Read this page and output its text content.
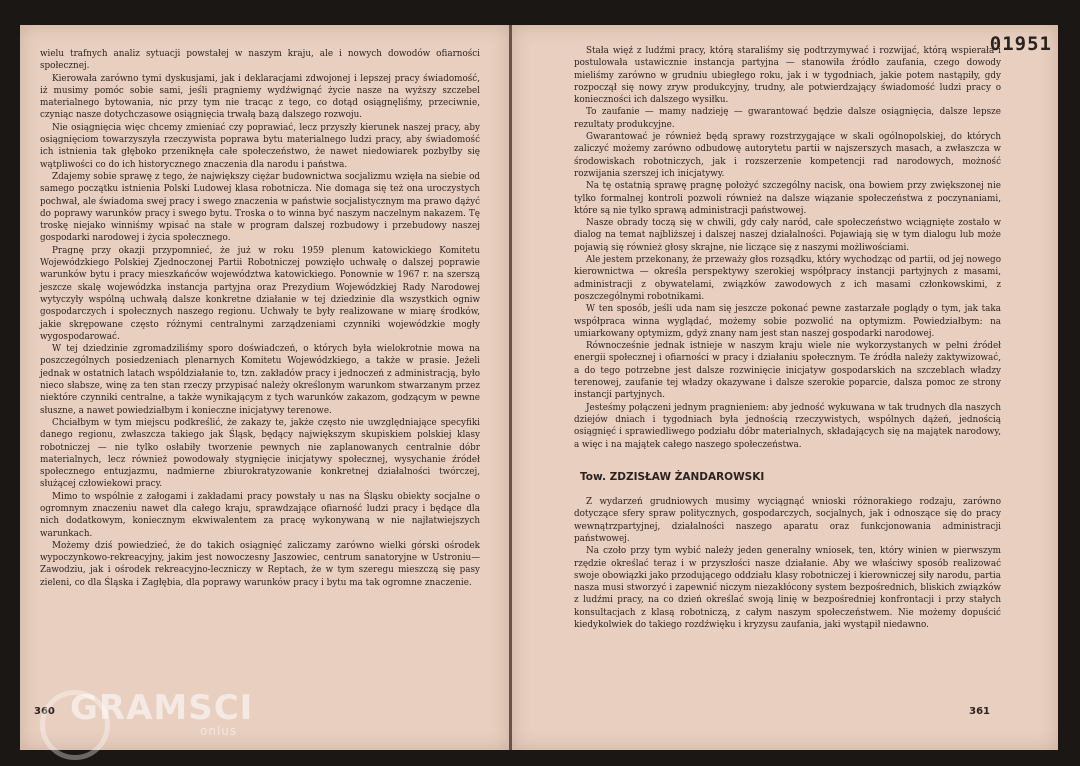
wielu trafnych analiz sytuacji powstałej w naszym kraju, ale i nowych dowodów ofiarności społecznej.

Kierowała zarówno tymi dyskusjami, jak i deklaracjami zdwojonej i lepszej pracy świadomość, iż musimy pomóc sobie sami, jeśli pragniemy wydźwignąć życie nasze na wyższy szczebel materialnego bytowania, nic przy tym nie tracąc z tego, co dotąd osiągnęliśmy, przeciwnie, czyniąc nasze dotychczasowe osiągnięcia trwałą bazą dalszego rozwoju.

Nie osiągnięcia więc chcemy zmieniać czy poprawiać, lecz przyszły kierunek naszej pracy, aby osiągnięciom towarzyszyła rzeczywista poprawa bytu materialnego ludzi pracy, aby świadomość ich istnienia tak głęboko przeniknęła całe społeczeństwo, że nawet niedowiarek pozbyłby się wątpliwości co do ich historycznego znaczenia dla narodu i państwa.

Zdajemy sobie sprawę z tego, że największy ciężar budownictwa socjalizmu wzięła na siebie od samego początku istnienia Polski Ludowej klasa robotnicza. Nie domaga się też ona uroczystych pochwał, ale świadoma swej pracy i swego znaczenia w państwie socjalistycznym ma prawo dążyć do poprawy warunków pracy i swego bytu. Troska o to winna być naszym naczelnym nakazem. Tę troskę niejako winniśmy wpisać na stałe w program dalszej rozbudowy i przebudowy naszej gospodarki narodowej i życia społecznego.

Pragnę przy okazji przypomnieć, że już w roku 1959 plenum katowickiego Komitetu Wojewódzkiego Polskiej Zjednoczonej Partii Robotniczej powzięło uchwałę o dalszej poprawie warunków bytu i pracy mieszkańców województwa katowickiego. Ponownie w 1967 r. na szerszą jeszcze skalę wojewódzka instancja partyjna oraz Prezydium Wojewódzkiej Rady Narodowej wytyczyły wspólną uchwałą dalsze konkretne działanie w tej dziedzinie dla wszystkich ogniw gospodarczych i społecznych naszego regionu. Uchwały te były realizowane w miarę środków, jakie skrępowane często różnymi centralnymi zarządzeniami czynniki wojewódzkie mogły wygospodarować.

W tej dziedzinie zgromadziliśmy sporo doświadczeń, o których była wielokrotnie mowa na poszczególnych posiedzeniach plenarnych Komitetu Wojewódzkiego, a także w prasie. Jeżeli jednak w ostatnich latach wspóldziałanie to, tzn. zakładów pracy i jednoczeń z administracją, było nieco słabsze, winę za ten stan rzeczy przypisać należy określonym warunkom stwarzanym przez niektóre czynniki centralne, a także wynikającym z tych warunków zakazom, godzącym w pewne słuszne, a nawet powiedziałbym i konieczne inicjatywy terenowe.

Chciałbym w tym miejscu podkreślić, że zakazy te, jakże często nie uwzględniające specyfiki danego regionu, zwłaszcza takiego jak Śląsk, będący największym skupiskiem polskiej klasy robotniczej — nie tylko osłabiły tworzenie pewnych nie zaplanowanych centralnie dóbr materialnych, lecz również powodowały stygnięcie inicjatywy społecznej, wysychanie źródeł społecznego entuzjazmu, nadmierne zbiurokratyzowanie konkretnej działalności twórczej, służącej człowiekowi pracy.

Mimo to wspólnie z załogami i zakładami pracy powstały u nas na Śląsku obiekty socjalne o ogromnym znaczeniu nawet dla całego kraju, sprawdzające ofiarność ludzi pracy i będące dla nich dodatkowym, koniecznym ekwiwalentem za pracę wykonywaną w nie najłatwiejszych warunkach.

Możemy dziś powiedzieć, że do takich osiągnięć zaliczamy zarówno wielki górski ośrodek wypoczynkowo-rekreacyjny, jakim jest nowoczesny Jaszowiec, centrum sanatoryjne w Ustroniu—Zawodziu, jak i ośrodek rekreacyjno-leczniczy w Reptach, że w tym szeregu mieszczą się pasy zieleni, co dla Śląska i Zagłębia, dla poprawy warunków pracy i bytu ma tak ogromne znaczenie.

360
01951

Stała więź z ludźmi pracy, którą staraliśmy się podtrzymywać i rozwijać, którą wspierała i postulowała ustawicznie instancja partyjna — stanowiła źródło zaufania, czego dowody mieliśmy zarówno w grudniu ubiegłego roku, jak i w tygodniach, jakie potem nastąpiły, gdy rozpoczął się nowy zryw produkcyjny, trudny, ale potwierdzający świadomość ludzi pracy o konieczności ich dalszego wysiłku.

To zaufanie — mamy nadzieję — gwarantować będzie dalsze osiągnięcia, dalsze lepsze rezultaty produkcyjne.

Gwarantować je również będą sprawy rozstrzygające w skali ogólnopolskiej, do których zaliczyć możemy zarówno odbudowę autorytetu partii w najszerszych masach, a zwłaszcza w środowiskach robotniczych, jak i rozszerzenie kompetencji rad narodowych, możność rozwijania szerszej ich inicjatywy.

Na tę ostatnią sprawę pragnę położyć szczególny nacisk, ona bowiem przy zwiększonej nie tylko formalnej kontroli pozwoli również na dalsze wiązanie społeczeństwa z poczynaniami, które są nie tylko sprawą administracji państwowej.

Nasze obrady toczą się w chwili, gdy cały naród, całe społeczeństwo wciągnięte zostało w dialog na temat najbliższej i dalszej naszej działalności. Pojawiają się w tym dialogu lub może pojawią się również głosy skrajne, nie liczące się z naszymi możliwościami.

Ale jestem przekonany, że przeważy głos rozsądku, który wychodząc od partii, od jej nowego kierownictwa — określa perspektywy szerokiej współpracy instancji partyjnych z masami, administracji z obywatelami, związków zawodowych z ich masami członkowskimi, z poszczególnymi robotnikami.

W ten sposób, jeśli uda nam się jeszcze pokonać pewne zastarzałe poglądy o tym, jak taka współpraca winna wyglądać, możemy sobie pozwolić na optymizm. Powiedziałbym: na umiarkowany optymizm, gdyż znany nam jest stan naszej gospodarki narodowej.

Równocześnie jednak istnieje w naszym kraju wiele nie wykorzystanych w pełni źródeł energii społecznej i ofiarności w pracy i działaniu społecznym. Te źródła należy zaktywizować, a do tego potrzebne jest dalsze rozwinięcie inicjatyw gospodarskich na szczeblach władzy terenowej, zaufanie tej władzy okazywane i dalsze szerokie poparcie, dalsza pomoc ze strony instancji partyjnych.

Jesteśmy połączeni jednym pragnieniem: aby jedność wykuwana w tak trudnych dla naszych dziejów dniach i tygodniach była jednością rzeczywistych, wspólnych dążeń, jednością osiągnięć i sprawiedliwego podziału dóbr materialnych, składających się na majątek narodowy, a więc i na majątek całego naszego społeczeństwa.

Tow. ZDZISŁAW ŻANDAROWSKI

Z wydarzeń grudniowych musimy wyciągnąć wnioski różnorakiego rodzaju, zarówno dotyczące sfery spraw politycznych, gospodarczych, socjalnych, jak i odnoszące się do pracy wewnątrzpartyjnej, działalności naszego aparatu oraz funkcjonowania administracji państwowej.

Na czoło przy tym wybić należy jeden generalny wniosek, ten, który winien w pierwszym rzędzie określać teraz i w przyszłości nasze działanie. Aby we właściwy sposób realizować swoje obowiązki jako przodującego oddziału klasy robotniczej i kierowniczej siły narodu, partia nasza musi stworzyć i zapewnić niczym niezakłócony system bezpośrednich, bliskich związków z ludźmi pracy, na co dzień określać swoją linię w bezpośredniej konfrontacji i przy stałych konsultacjach z klasą robotniczą, z całym naszym społeczeństwem. Nie możemy dopuścić kiedykolwiek do takiego rozdźwięku i kryzysu zaufania, jaki wystąpił niedawno.

361
GRAMSCI
onlus
